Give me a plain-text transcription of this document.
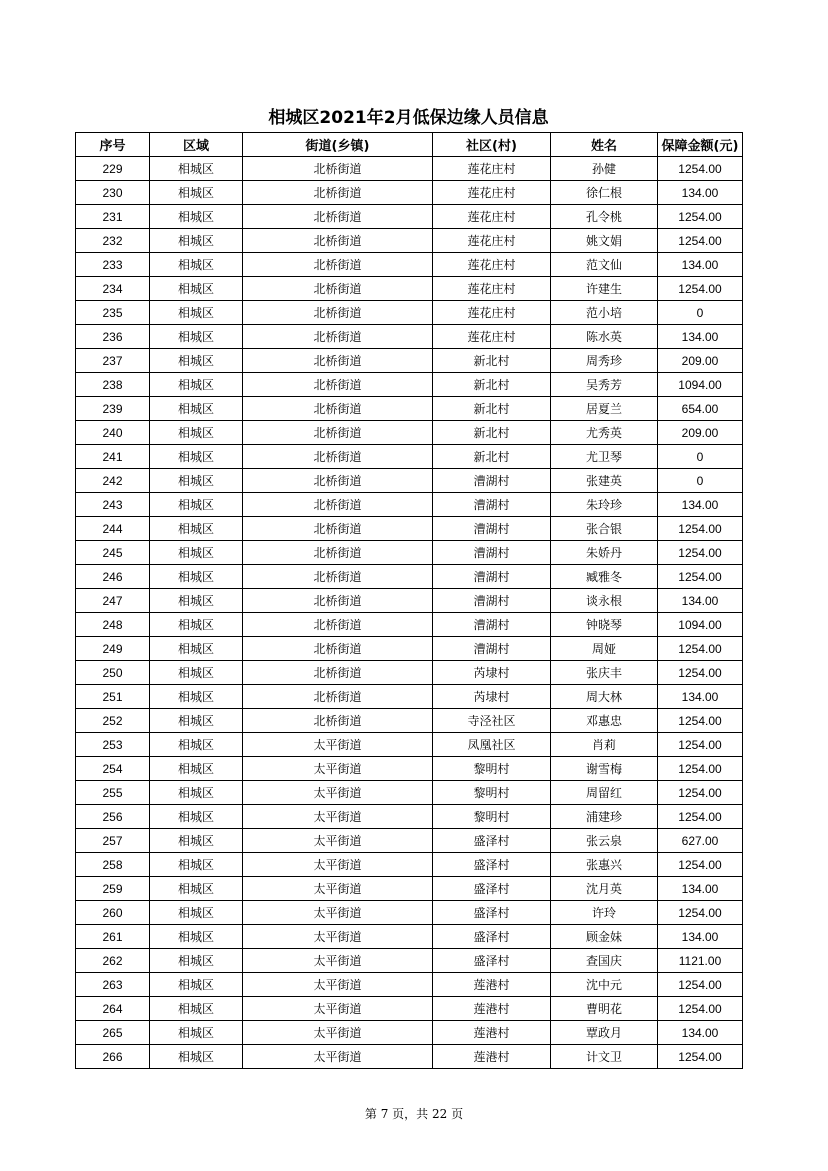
相城区2021年2月低保边缘人员信息
序号	区域	街道(乡镇)	社区(村)	姓名	保障金额(元)
229	相城区	北桥街道	莲花庄村	孙健	1254.00
230	相城区	北桥街道	莲花庄村	徐仁根	134.00
231	相城区	北桥街道	莲花庄村	孔令桃	1254.00
232	相城区	北桥街道	莲花庄村	姚文娟	1254.00
233	相城区	北桥街道	莲花庄村	范文仙	134.00
234	相城区	北桥街道	莲花庄村	许建生	1254.00
235	相城区	北桥街道	莲花庄村	范小培	0
236	相城区	北桥街道	莲花庄村	陈水英	134.00
237	相城区	北桥街道	新北村	周秀珍	209.00
238	相城区	北桥街道	新北村	吴秀芳	1094.00
239	相城区	北桥街道	新北村	居夏兰	654.00
240	相城区	北桥街道	新北村	尤秀英	209.00
241	相城区	北桥街道	新北村	尤卫琴	0
242	相城区	北桥街道	漕湖村	张建英	0
243	相城区	北桥街道	漕湖村	朱玲珍	134.00
244	相城区	北桥街道	漕湖村	张合银	1254.00
245	相城区	北桥街道	漕湖村	朱娇丹	1254.00
246	相城区	北桥街道	漕湖村	臧雅冬	1254.00
247	相城区	北桥街道	漕湖村	谈永根	134.00
248	相城区	北桥街道	漕湖村	钟晓琴	1094.00
249	相城区	北桥街道	漕湖村	周娅	1254.00
250	相城区	北桥街道	芮埭村	张庆丰	1254.00
251	相城区	北桥街道	芮埭村	周大林	134.00
252	相城区	北桥街道	寺泾社区	邓惠忠	1254.00
253	相城区	太平街道	凤凰社区	肖莉	1254.00
254	相城区	太平街道	黎明村	谢雪梅	1254.00
255	相城区	太平街道	黎明村	周留红	1254.00
256	相城区	太平街道	黎明村	浦建珍	1254.00
257	相城区	太平街道	盛泽村	张云泉	627.00
258	相城区	太平街道	盛泽村	张惠兴	1254.00
259	相城区	太平街道	盛泽村	沈月英	134.00
260	相城区	太平街道	盛泽村	许玲	1254.00
261	相城区	太平街道	盛泽村	顾金妹	134.00
262	相城区	太平街道	盛泽村	查国庆	1121.00
263	相城区	太平街道	莲港村	沈中元	1254.00
264	相城区	太平街道	莲港村	曹明花	1254.00
265	相城区	太平街道	莲港村	覃政月	134.00
266	相城区	太平街道	莲港村	计文卫	1254.00
第 7 页，共 22 页
